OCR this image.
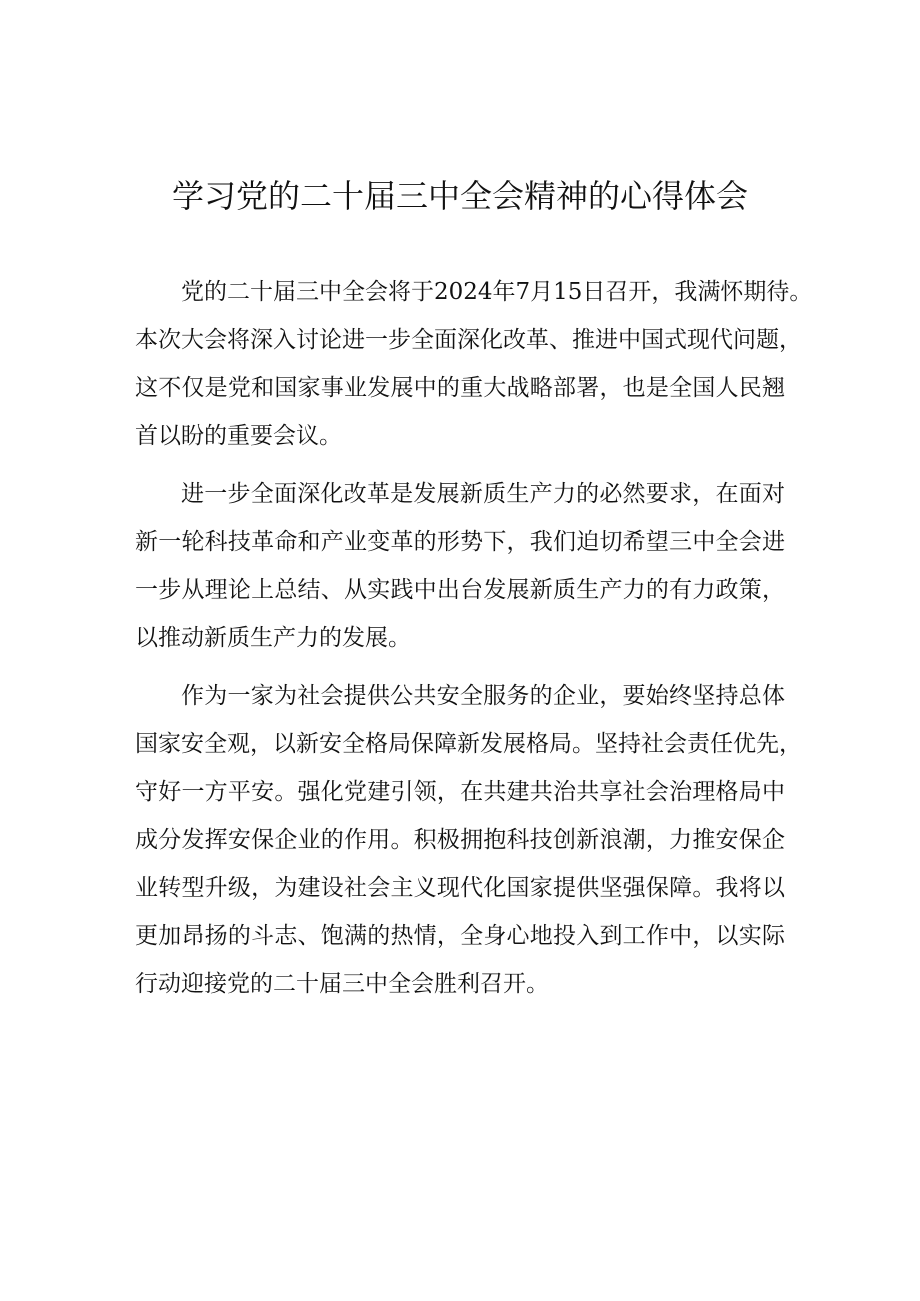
学习党的二十届三中全会精神的心得体会
党的二十届三中全会将于2024年7月15日召开，我满怀期待。
本次大会将深入讨论进一步全面深化改革、推进中国式现代问题，
这不仅是党和国家事业发展中的重大战略部署，也是全国人民翘
首以盼的重要会议。
进一步全面深化改革是发展新质生产力的必然要求，在面对
新一轮科技革命和产业变革的形势下，我们迫切希望三中全会进
一步从理论上总结、从实践中出台发展新质生产力的有力政策，
以推动新质生产力的发展。
作为一家为社会提供公共安全服务的企业，要始终坚持总体
国家安全观，以新安全格局保障新发展格局。坚持社会责任优先，
守好一方平安。强化党建引领，在共建共治共享社会治理格局中
成分发挥安保企业的作用。积极拥抱科技创新浪潮，力推安保企
业转型升级，为建设社会主义现代化国家提供坚强保障。我将以
更加昂扬的斗志、饱满的热情，全身心地投入到工作中，以实际
行动迎接党的二十届三中全会胜利召开。
